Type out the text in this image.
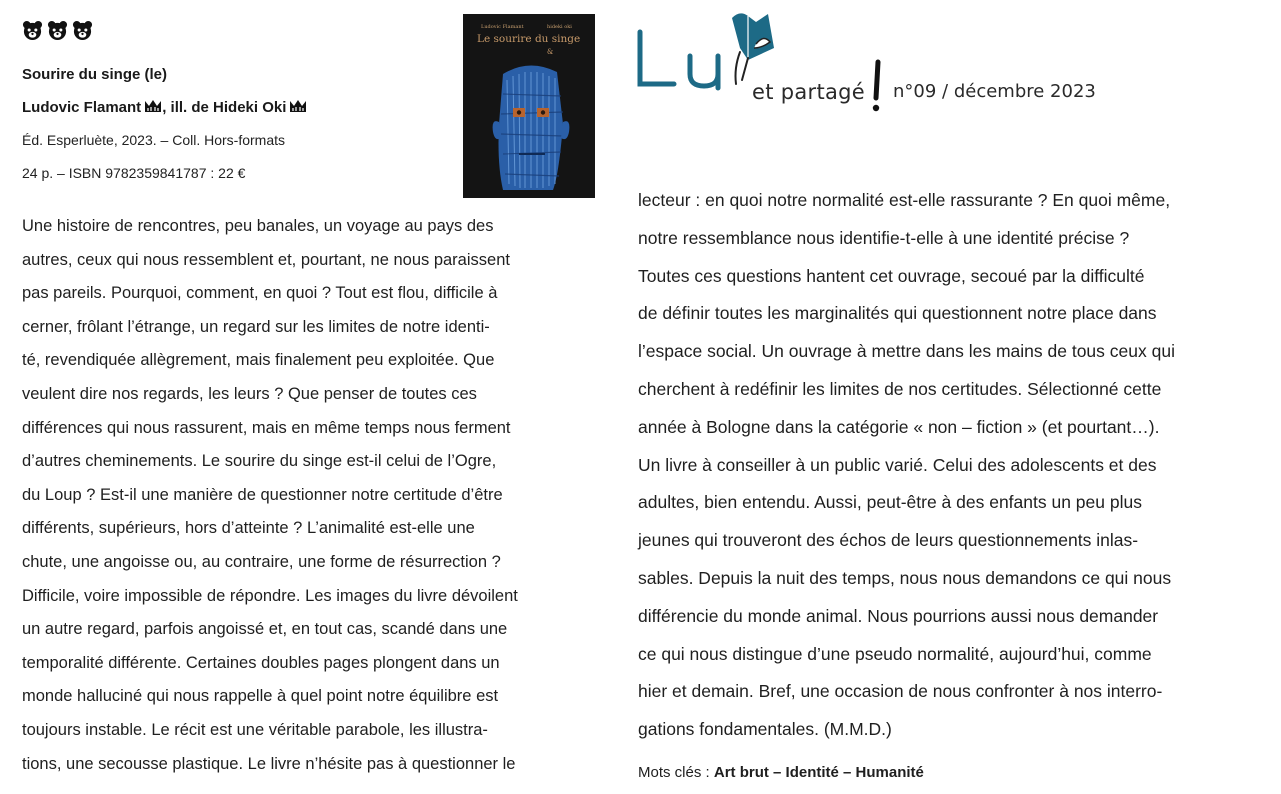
Sourire du singe (le)
Ludovic Flamant , ill. de Hideki Oki
Éd. Esperluète, 2023. – Coll. Hors-formats
24 p. – ISBN 9782359841787 : 22 €
Ludovic Flamant	hideki oki
Le sourire du singe
&
Une histoire de rencontres, peu banales, un voyage au pays des
autres, ceux qui nous ressemblent et, pourtant, ne nous paraissent
pas pareils. Pourquoi, comment, en quoi ? Tout est flou, difficile à
cerner, frôlant l’étrange, un regard sur les limites de notre identi-
té, revendiquée allègrement, mais finalement peu exploitée. Que
veulent dire nos regards, les leurs ? Que penser de toutes ces
différences qui nous rassurent, mais en même temps nous ferment
d’autres cheminements. Le sourire du singe est-il celui de l’Ogre,
du Loup ? Est-il une manière de questionner notre certitude d’être
différents, supérieurs, hors d’atteinte ? L’animalité est-elle une
chute, une angoisse ou, au contraire, une forme de résurrection ?
Difficile, voire impossible de répondre. Les images du livre dévoilent
un autre regard, parfois angoissé et, en tout cas, scandé dans une
temporalité différente. Certaines doubles pages plongent dans un
monde halluciné qui nous rappelle à quel point notre équilibre est
toujours instable. Le récit est une véritable parabole, les illustra-
tions, une secousse plastique. Le livre n’hésite pas à questionner le
et partagé n°09 / décembre 2023
lecteur : en quoi notre normalité est-elle rassurante ? En quoi même,
notre ressemblance nous identifie-t-elle à une identité précise ?
Toutes ces questions hantent cet ouvrage, secoué par la difficulté
de définir toutes les marginalités qui questionnent notre place dans
l’espace social. Un ouvrage à mettre dans les mains de tous ceux qui
cherchent à redéfinir les limites de nos certitudes. Sélectionné cette
année à Bologne dans la catégorie « non – fiction » (et pourtant…).
Un livre à conseiller à un public varié. Celui des adolescents et des
adultes, bien entendu. Aussi, peut-être à des enfants un peu plus
jeunes qui trouveront des échos de leurs questionnements inlas-
sables. Depuis la nuit des temps, nous nous demandons ce qui nous
différencie du monde animal. Nous pourrions aussi nous demander
ce qui nous distingue d’une pseudo normalité, aujourd’hui, comme
hier et demain. Bref, une occasion de nous confronter à nos interro-
gations fondamentales. (M.M.D.)
Mots clés : Art brut – Identité – Humanité
